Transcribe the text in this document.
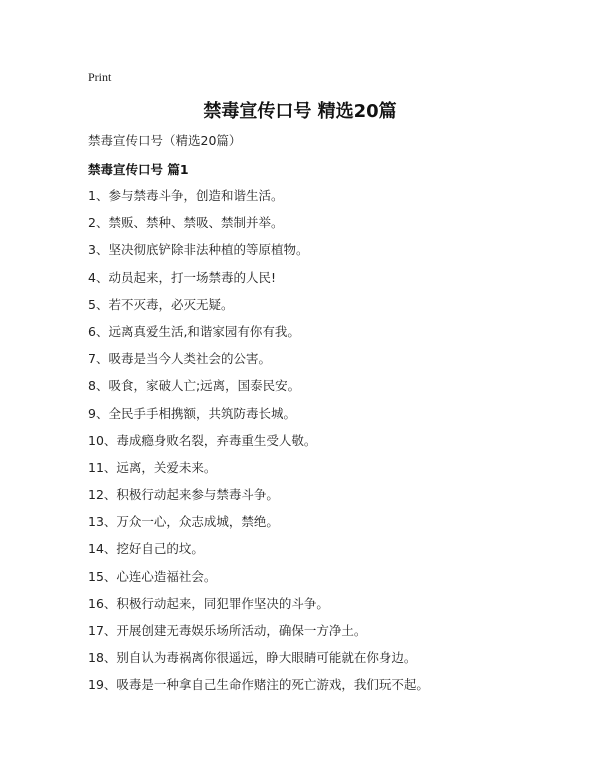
Print
禁毒宣传口号 精选20篇
禁毒宣传口号（精选20篇）
禁毒宣传口号 篇1
1、参与禁毒斗争，创造和谐生活。
2、禁贩、禁种、禁吸、禁制并举。
3、坚决彻底铲除非法种植的等原植物。
4、动员起来，打一场禁毒的人民!
5、若不灭毒，必灭无疑。
6、远离真爱生活,和谐家园有你有我。
7、吸毒是当今人类社会的公害。
8、吸食，家破人亡;远离，国泰民安。
9、全民手手相携额，共筑防毒长城。
10、毒成瘾身败名裂，弃毒重生受人敬。
11、远离，关爱未来。
12、积极行动起来参与禁毒斗争。
13、万众一心，众志成城，禁绝。
14、挖好自己的坟。
15、心连心造福社会。
16、积极行动起来，同犯罪作坚决的斗争。
17、开展创建无毒娱乐场所活动，确保一方净土。
18、别自认为毒祸离你很遥远，睁大眼睛可能就在你身边。
19、吸毒是一种拿自己生命作赌注的死亡游戏，我们玩不起。
